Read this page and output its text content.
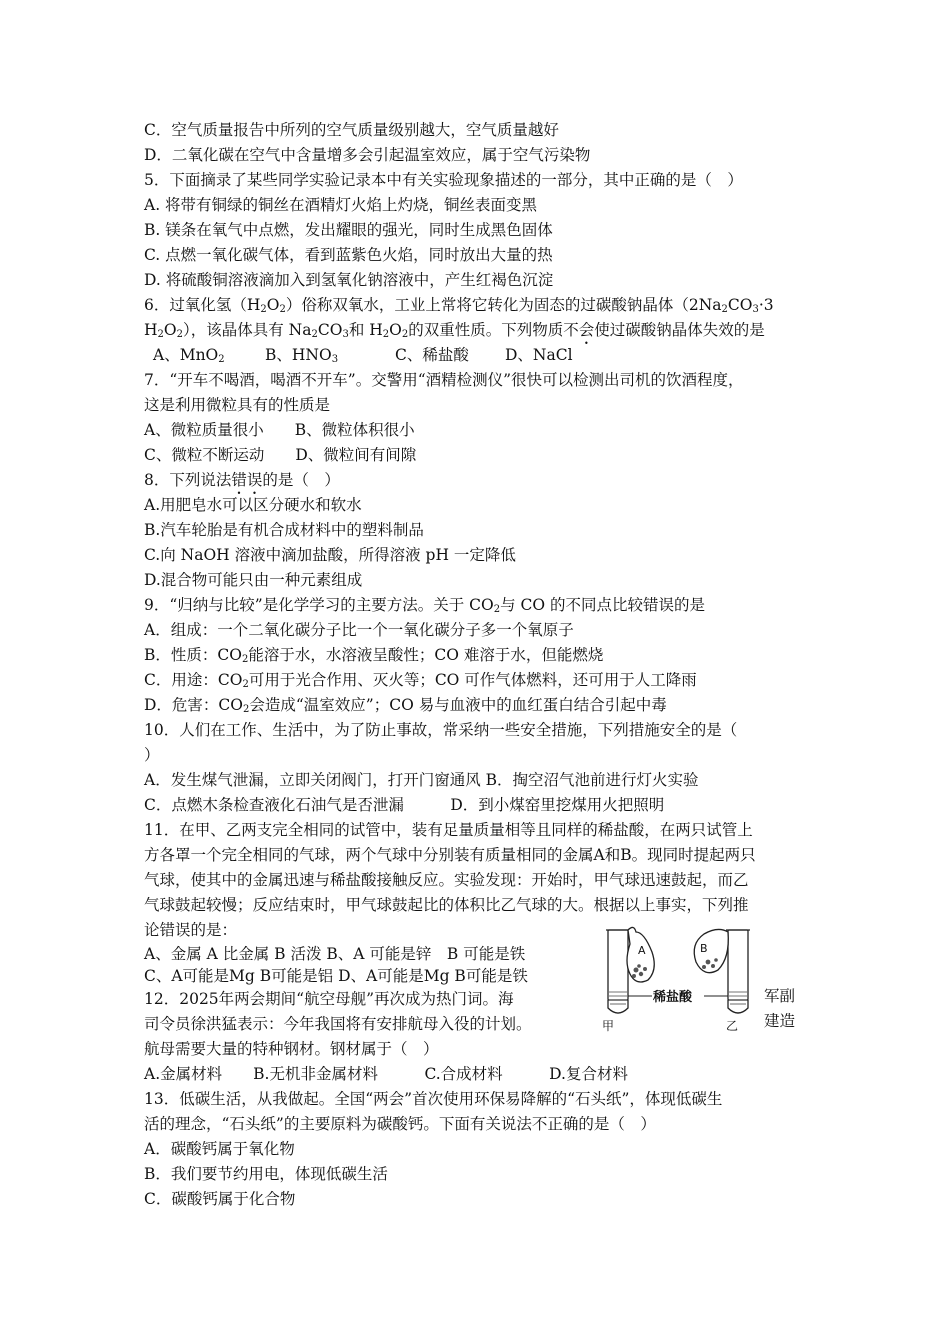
C．空气质量报告中所列的空气质量级别越大，空气质量越好
D．二氧化碳在空气中含量增多会引起温室效应，属于空气污染物
5．下面摘录了某些同学实验记录本中有关实验现象描述的一部分，其中正确的是（　）
A. 将带有铜绿的铜丝在酒精灯火焰上灼烧，铜丝表面变黑
B. 镁条在氧气中点燃，发出耀眼的强光，同时生成黑色固体
C. 点燃一氧化碳气体，看到蓝紫色火焰，同时放出大量的热
D. 将硫酸铜溶液滴加入到氢氧化钠溶液中，产生红褐色沉淀
6．过氧化氢$(H_2O_2)$俗称双氧水，工业上常将它转化为固态的过碳酸钠晶体（$2Na_2CO_3\cdot 3$
$H_2O_2$），该晶体具有 $Na_2CO_3$和 $H_2O_2$的双重性质。下列物质不会使过碳酸钠晶体失效的是
A、MnO$_2$	B、$HNO_3$	C、稀盐酸 D、NaCl
7．“开车不喝酒，喝酒不开车”。交警用“酒精检测仪”很快可以检测出司机的饮酒程度，
这是利用微粒具有的性质是
A、微粒质量很小　　B、微粒体积很小
C、微粒不断运动　　D、微粒间有间隙
8．下列说法错误的是（　）
A.用肥皂水可以区分硬水和软水
B.汽车轮胎是有机合成材料中的塑料制品
C.向 NaOH 溶液中滴加盐酸，所得溶液 pH 一定降低
D.混合物可能只由一种元素组成
9．“归纳与比较”是化学学习的主要方法。关于 $CO_2$与 CO 的不同点比较错误的是
A．组成：一个二氧化碳分子比一个一氧化碳分子多一个氧原子
B．性质：$CO_2$能溶于水，水溶液呈酸性；CO 难溶于水，但能燃烧
C．用途：$CO_2$可用于光合作用、灭火等；CO 可作气体燃料，还可用于人工降雨
D．危害：$CO_2$会造成“温室效应”；CO 易与血液中的血红蛋白结合引起中毒
10．人们在工作、生活中，为了防止事故，常采纳一些安全措施，下列措施安全的是（
）
A．发生煤气泄漏，立即关闭阀门，打开门窗通风 B．掏空沼气池前进行灯火实验
C．点燃木条检查液化石油气是否泄漏　　　D．到小煤窑里挖煤用火把照明
11．在甲、乙两支完全相同的试管中，装有足量质量相等且同样的稀盐酸，在两只试管上
方各罩一个完全相同的气球，两个气球中分别装有质量相同的金属A和B。现同时提起两只
气球，使其中的金属迅速与稀盐酸接触反应。实验发现：开始时，甲气球迅速鼓起，而乙
气球鼓起较慢；反应结束时，甲气球鼓起比的体积比乙气球的大。根据以上事实，下列推
论错误的是：
A、金属 A 比金属 B 活泼 B、A 可能是锌　B 可能是铁
C、A可能是Mg B可能是铝 D、A可能是Mg B可能是铁
12．2025年两会期间“航空母舰”再次成为热门词。海
司令员徐洪猛表示：今年我国将有安排航母入役的计划。
航母需要大量的特种钢材。钢材属于（　）
A.金属材料　　B.无机非金属材料　　　C.合成材料　　　D.复合材料
13．低碳生活，从我做起。全国“两会”首次使用环保易降解的“石头纸”，体现低碳生
活的理念，“石头纸”的主要原料为碳酸钙。下面有关说法不正确的是（　）
A．碳酸钙属于氧化物
B．我们要节约用电，体现低碳生活
C．碳酸钙属于化合物
军副
建造
A	B
稀盐酸
甲	乙
